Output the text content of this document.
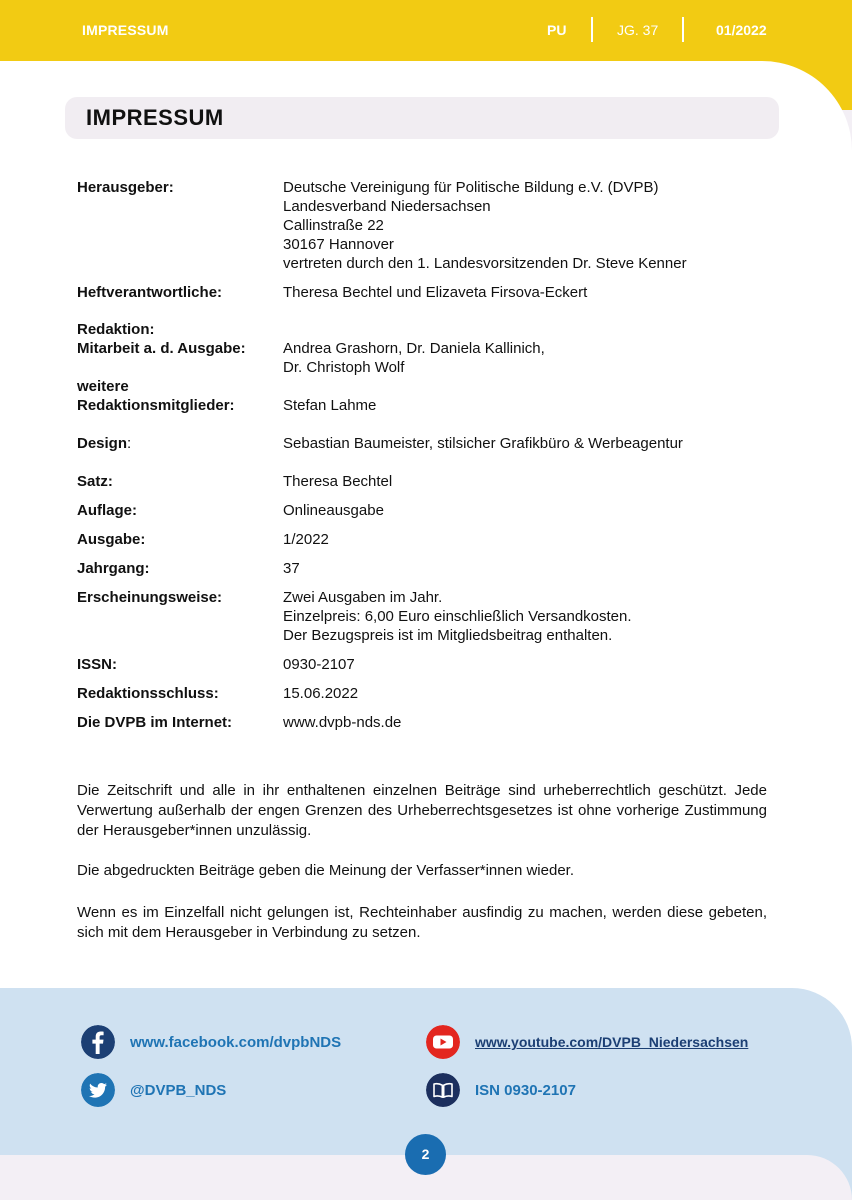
IMPRESSUM	PU	JG. 37	01/2022
IMPRESSUM
Herausgeber:	Deutsche Vereinigung für Politische Bildung e.V. (DVPB)
Landesverband Niedersachsen
Callinstraße 22
30167 Hannover
vertreten durch den 1. Landesvorsitzenden Dr. Steve Kenner
Heftverantwortliche:	Theresa Bechtel und Elizaveta Firsova-Eckert
Redaktion:
Mitarbeit a. d. Ausgabe: Andrea Grashorn, Dr. Daniela Kallinich,
Dr. Christoph Wolf
weitere
Redaktionsmitglieder:	Stefan Lahme
Design:	Sebastian Baumeister, stilsicher Grafikbüro & Werbeagentur
Satz:	Theresa Bechtel
Auflage:	Onlineausgabe
Ausgabe:	1/2022
Jahrgang:	37
Erscheinungsweise:	Zwei Ausgaben im Jahr.
Einzelpreis: 6,00 Euro einschließlich Versandkosten.
Der Bezugspreis ist im Mitgliedsbeitrag enthalten.
ISSN:	0930-2107
Redaktionsschluss:	15.06.2022
Die DVPB im Internet:	www.dvpb-nds.de

Die Zeitschrift und alle in ihr enthaltenen einzelnen Beiträge sind urheberrechtlich geschützt. Jede Verwertung außerhalb der engen Grenzen des Urheberrechtsgesetzes ist ohne vorherige Zustimmung der Herausgeber*innen unzulässig.

Die abgedruckten Beiträge geben die Meinung der Verfasser*innen wieder.

Wenn es im Einzelfall nicht gelungen ist, Rechteinhaber ausfindig zu machen, werden diese gebeten, sich mit dem Herausgeber in Verbindung zu setzen.

www.facebook.com/dvpbNDS	www.youtube.com/DVPB_Niedersachsen
@DVPB_NDS	ISN 0930-2107
2
